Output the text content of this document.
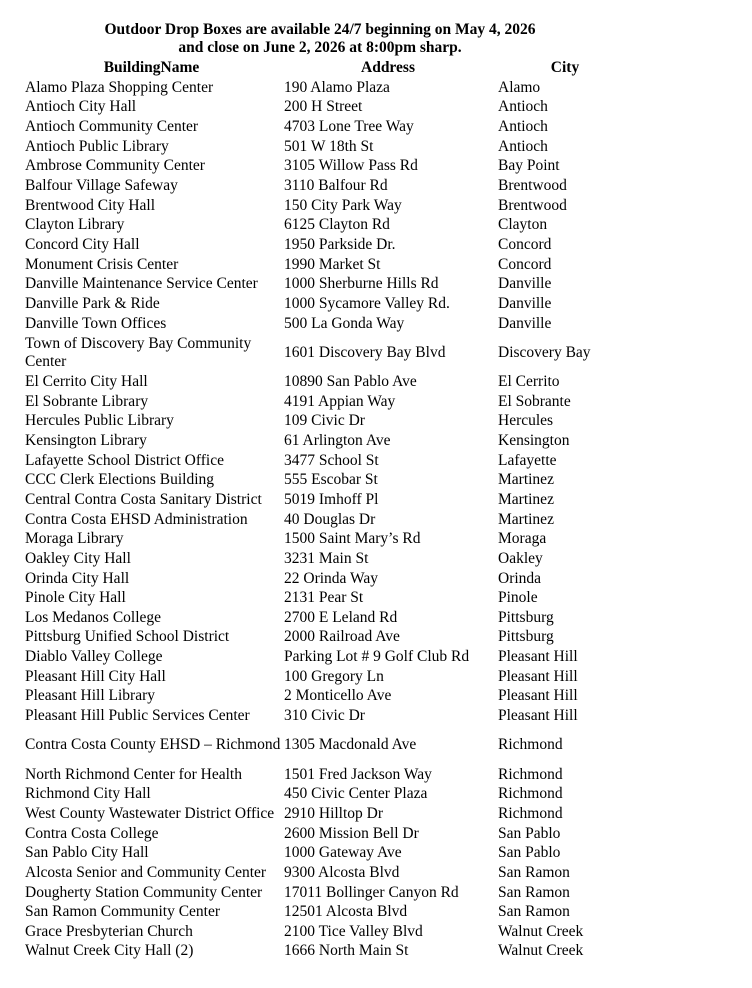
Outdoor Drop Boxes are available 24/7 beginning on May 4, 2026
and close on June 2, 2026 at 8:00pm sharp.
BuildingName	Address	City
Alamo Plaza Shopping Center	190 Alamo Plaza	Alamo
Antioch City Hall	200 H Street	Antioch
Antioch Community Center	4703 Lone Tree Way	Antioch
Antioch Public Library	501 W 18th St	Antioch
Ambrose Community Center	3105 Willow Pass Rd	Bay Point
Balfour Village Safeway	3110 Balfour Rd	Brentwood
Brentwood City Hall	150 City Park Way	Brentwood
Clayton Library	6125 Clayton Rd	Clayton
Concord City Hall	1950 Parkside Dr.	Concord
Monument Crisis Center	1990 Market St	Concord
Danville Maintenance Service Center	1000 Sherburne Hills Rd	Danville
Danville Park & Ride	1000 Sycamore Valley Rd.	Danville
Danville Town Offices	500 La Gonda Way	Danville
Town of Discovery Bay Community Center	1601 Discovery Bay Blvd	Discovery Bay
El Cerrito City Hall	10890 San Pablo Ave	El Cerrito
El Sobrante Library	4191 Appian Way	El Sobrante
Hercules Public Library	109 Civic Dr	Hercules
Kensington Library	61 Arlington Ave	Kensington
Lafayette School District Office	3477 School St	Lafayette
CCC Clerk Elections Building	555 Escobar St	Martinez
Central Contra Costa Sanitary District	5019 Imhoff Pl	Martinez
Contra Costa EHSD Administration	40 Douglas Dr	Martinez
Moraga Library	1500 Saint Mary’s Rd	Moraga
Oakley City Hall	3231 Main St	Oakley
Orinda City Hall	22 Orinda Way	Orinda
Pinole City Hall	2131 Pear St	Pinole
Los Medanos College	2700 E Leland Rd	Pittsburg
Pittsburg Unified School District	2000 Railroad Ave	Pittsburg
Diablo Valley College	Parking Lot # 9 Golf Club Rd	Pleasant Hill
Pleasant Hill City Hall	100 Gregory Ln	Pleasant Hill
Pleasant Hill Library	2 Monticello Ave	Pleasant Hill
Pleasant Hill Public Services Center	310 Civic Dr	Pleasant Hill
Contra Costa County EHSD – Richmond	1305 Macdonald Ave	Richmond
North Richmond Center for Health	1501 Fred Jackson Way	Richmond
Richmond City Hall	450 Civic Center Plaza	Richmond
West County Wastewater District Office	2910 Hilltop Dr	Richmond
Contra Costa College	2600 Mission Bell Dr	San Pablo
San Pablo City Hall	1000 Gateway Ave	San Pablo
Alcosta Senior and Community Center	9300 Alcosta Blvd	San Ramon
Dougherty Station Community Center	17011 Bollinger Canyon Rd	San Ramon
San Ramon Community Center	12501 Alcosta Blvd	San Ramon
Grace Presbyterian Church	2100 Tice Valley Blvd	Walnut Creek
Walnut Creek City Hall (2)	1666 North Main St	Walnut Creek
